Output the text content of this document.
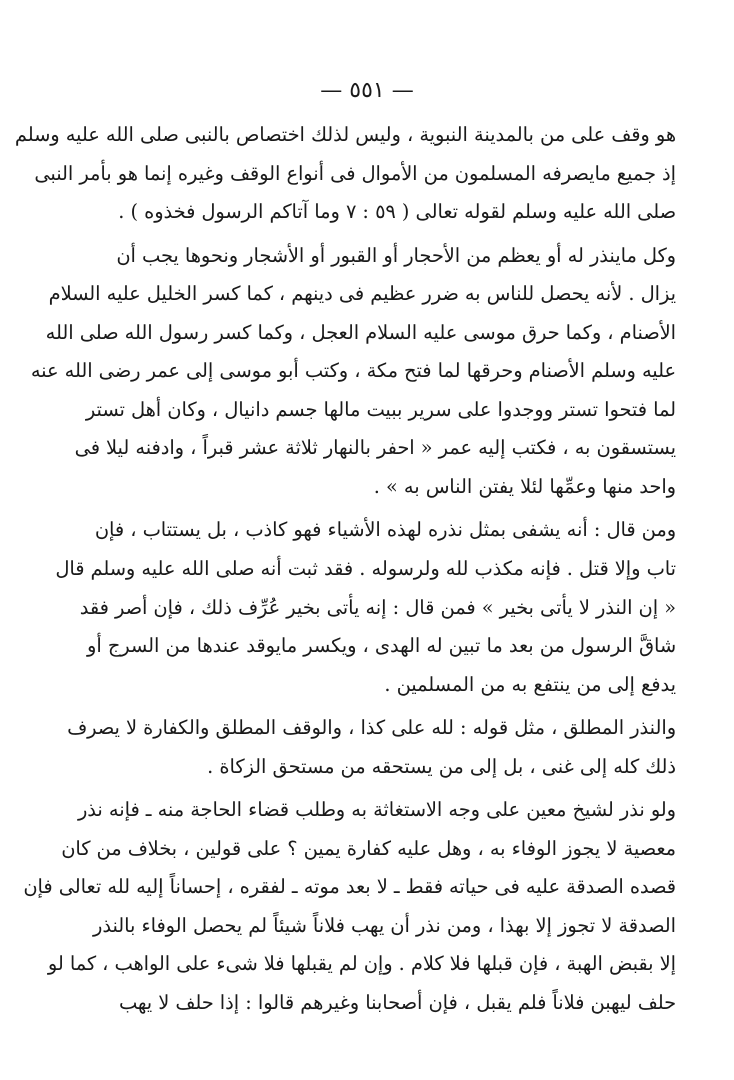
— ٥٥١ —

هو وقف على من بالمدينة النبوية ، وليس لذلك اختصاص بالنبى صلى الله عليه وسلم
إذ جميع مايصرفه المسلمون من الأموال فى أنواع الوقف وغيره إنما هو بأمر النبى
صلى الله عليه وسلم لقوله تعالى ( ٥٩ : ٧ وما آتاكم الرسول فخذوه ) .

وكل ماينذر له أو يعظم من الأحجار أو القبور أو الأشجار ونحوها يجب أن
يزال . لأنه يحصل للناس به ضرر عظيم فى دينهم ، كما كسر الخليل عليه السلام
الأصنام ، وكما حرق موسى عليه السلام العجل ، وكما كسر رسول الله صلى الله
عليه وسلم الأصنام وحرقها لما فتح مكة ، وكتب أبو موسى إلى عمر رضى الله عنه
لما فتحوا تستر ووجدوا على سرير ببيت مالها جسم دانيال ، وكان أهل تستر
يستسقون به ، فكتب إليه عمر « احفر بالنهار ثلاثة عشر قبراً ، وادفنه ليلا فى
واحد منها وعمِّها لئلا يفتن الناس به » .

ومن قال : أنه يشفى بمثل نذره لهذه الأشياء فهو كاذب ، بل يستتاب ، فإن
تاب وإلا قتل . فإنه مكذب لله ولرسوله . فقد ثبت أنه صلى الله عليه وسلم قال
« إن النذر لا يأتى بخير » فمن قال : إنه يأتى بخير عُرِّف ذلك ، فإن أصر فقد
شاقَّ الرسول من بعد ما تبين له الهدى ، ويكسر مايوقد عندها من السرج أو
يدفع إلى من ينتفع به من المسلمين .

والنذر المطلق ، مثل قوله : لله على كذا ، والوقف المطلق والكفارة لا يصرف
ذلك كله إلى غنى ، بل إلى من يستحقه من مستحق الزكاة .

ولو نذر لشيخ معين على وجه الاستغاثة به وطلب قضاء الحاجة منه ـ فإنه نذر
معصية لا يجوز الوفاء به ، وهل عليه كفارة يمين ؟ على قولين ، بخلاف من كان
قصده الصدقة عليه فى حياته فقط ـ لا بعد موته ـ لفقره ، إحساناً إليه لله تعالى فإن
الصدقة لا تجوز إلا بهذا ، ومن نذر أن يهب فلاناً شيئاً لم يحصل الوفاء بالنذر
إلا بقبض الهبة ، فإن قبلها فلا كلام . وإن لم يقبلها فلا شىء على الواهب ، كما لو
حلف ليهبن فلاناً فلم يقبل ، فإن أصحابنا وغيرهم قالوا : إذا حلف لا يهب
